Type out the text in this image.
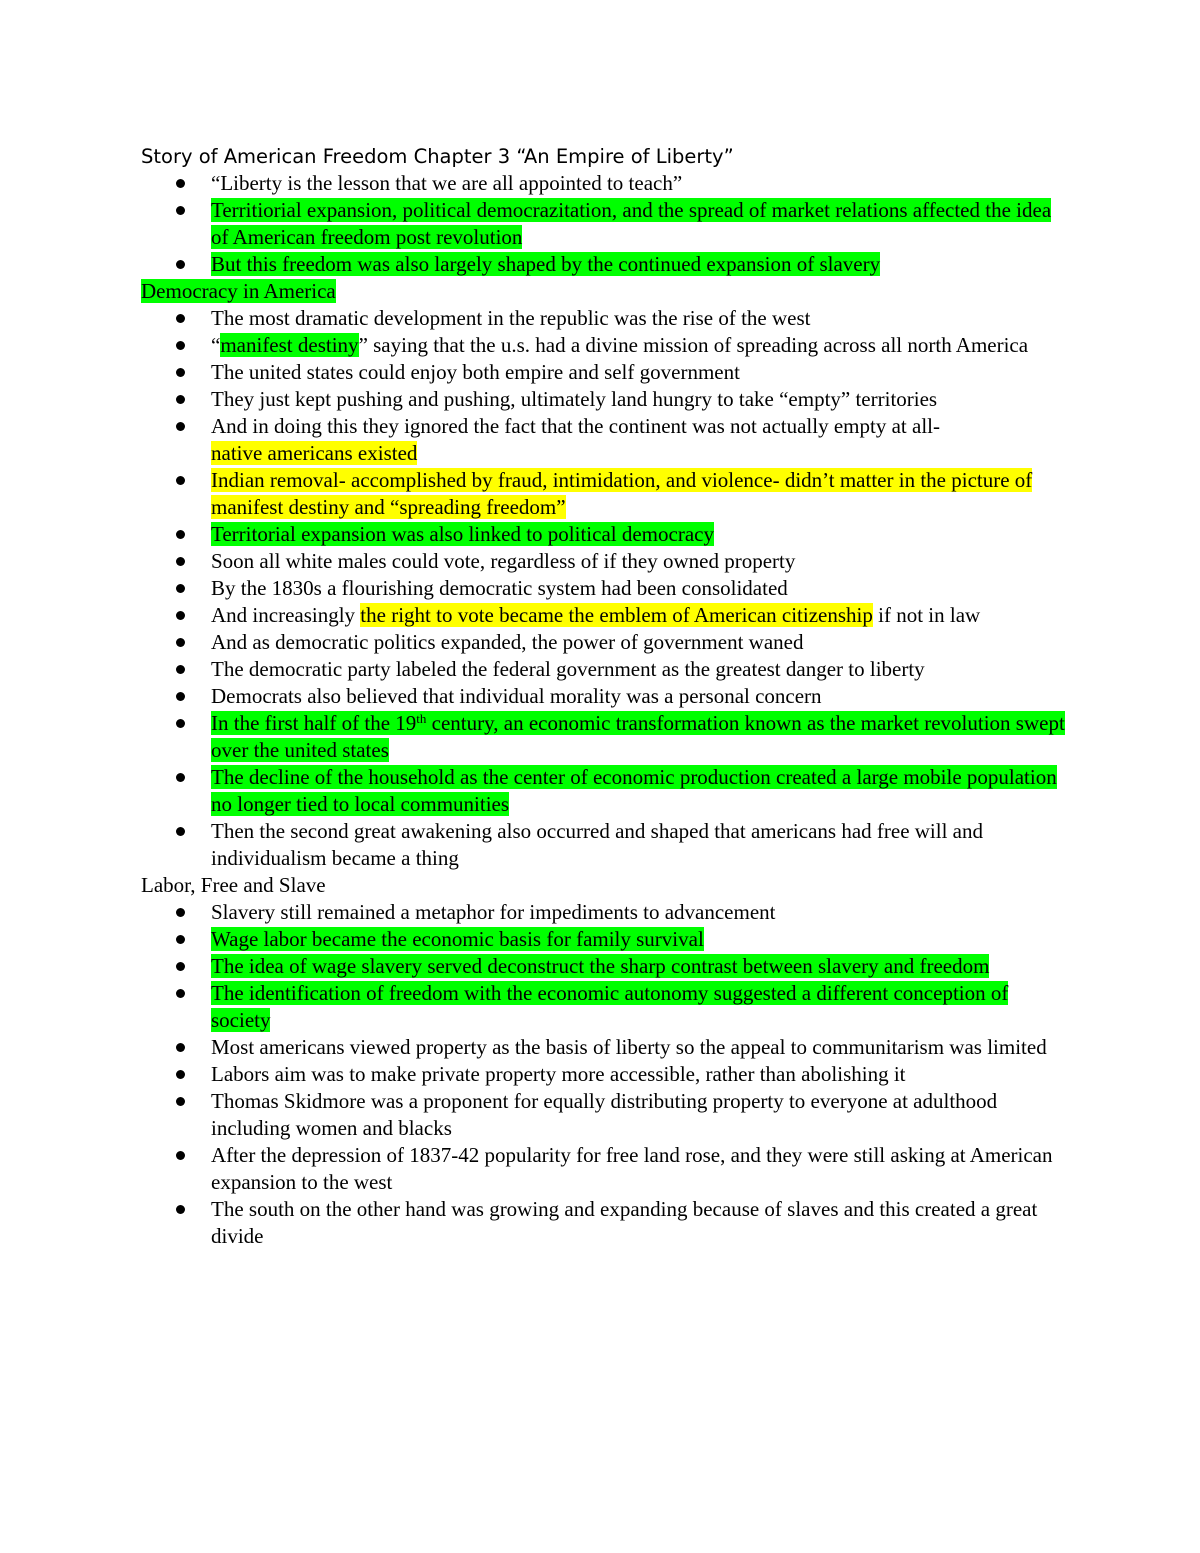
Story of American Freedom Chapter 3 “An Empire of Liberty”
“Liberty is the lesson that we are all appointed to teach”
Territiorial expansion, political democrazitation, and the spread of market relations affected the idea of American freedom post revolution
But this freedom was also largely shaped by the continued expansion of slavery
Democracy in America
The most dramatic development in the republic was the rise of the west
“manifest destiny” saying that the u.s. had a divine mission of spreading across all north America
The united states could enjoy both empire and self government
They just kept pushing and pushing, ultimately land hungry to take “empty” territories
And in doing this they ignored the fact that the continent was not actually empty at all-
native americans existed
Indian removal- accomplished by fraud, intimidation, and violence- didn’t matter in the picture of manifest destiny and “spreading freedom”
Territorial expansion was also linked to political democracy
Soon all white males could vote, regardless of if they owned property
By the 1830s a flourishing democratic system had been consolidated
And increasingly the right to vote became the emblem of American citizenship if not in law
And as democratic politics expanded, the power of government waned
The democratic party labeled the federal government as the greatest danger to liberty
Democrats also believed that individual morality was a personal concern
In the first half of the 19th century, an economic transformation known as the market revolution swept over the united states
The decline of the household as the center of economic production created a large mobile population no longer tied to local communities
Then the second great awakening also occurred and shaped that americans had free will and individualism became a thing
Labor, Free and Slave
Slavery still remained a metaphor for impediments to advancement
Wage labor became the economic basis for family survival
The idea of wage slavery served deconstruct the sharp contrast between slavery and freedom
The identification of freedom with the economic autonomy suggested a different conception of society
Most americans viewed property as the basis of liberty so the appeal to communitarism was limited
Labors aim was to make private property more accessible, rather than abolishing it
Thomas Skidmore was a proponent for equally distributing property to everyone at adulthood including women and blacks
After the depression of 1837-42 popularity for free land rose, and they were still asking at American expansion to the west
The south on the other hand was growing and expanding because of slaves and this created a great divide
